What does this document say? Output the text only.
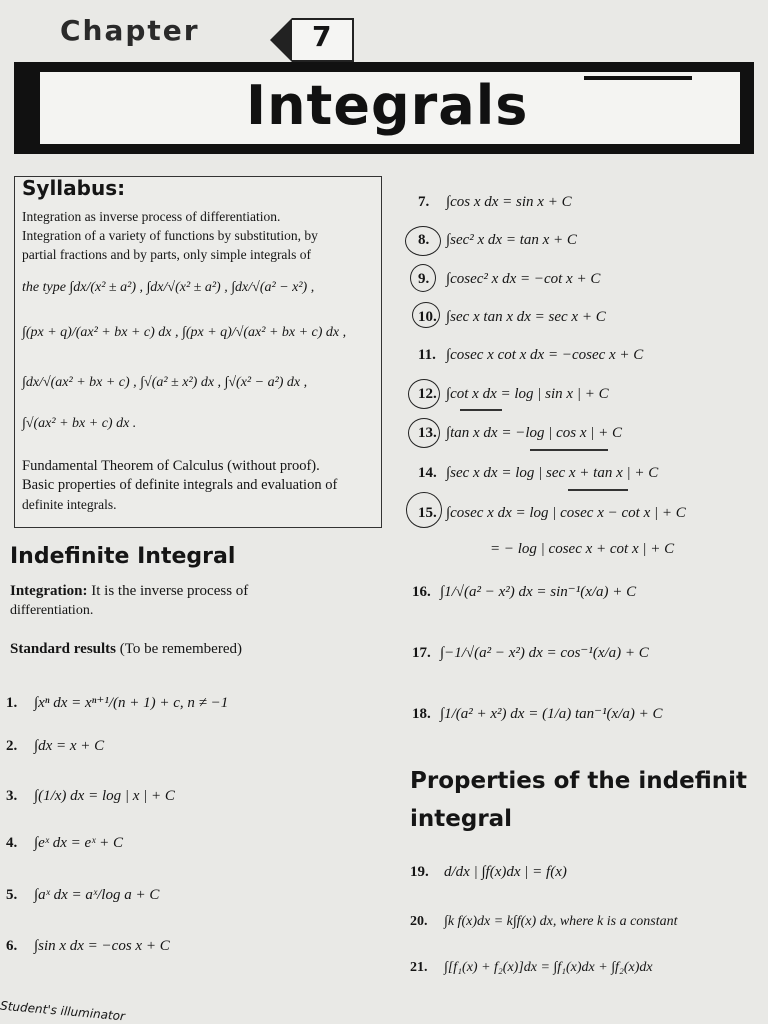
Chapter	7
Integrals
Syllabus:
Integration as inverse process of differentiation.
Integration of a variety of functions by substitution, by
partial fractions and by parts, only simple integrals of
the type ∫dx/(x² ± a²) , ∫dx/√(x² ± a²) , ∫dx/√(a² − x²) ,
∫(px + q)/(ax² + bx + c) dx , ∫(px + q)/√(ax² + bx + c) dx ,
∫dx/√(ax² + bx + c) , ∫√(a² ± x²) dx , ∫√(x² − a²) dx ,
∫√(ax² + bx + c) dx .
Fundamental Theorem of Calculus (without proof).
Basic properties of definite integrals and evaluation of
definite integrals.
Indefinite Integral
Integration: It is the inverse process of
differentiation.
Standard results (To be remembered)
1. ∫xⁿ dx = xⁿ⁺¹/(n + 1) + c, n ≠ −1
2. ∫dx = x + C
3. ∫(1/x) dx = log | x | + C
4. ∫eˣ dx = eˣ + C
5. ∫aˣ dx = aˣ/log a + C
6. ∫sin x dx = −cos x + C
7. ∫cos x dx = sin x + C
8. ∫sec² x dx = tan x + C
9. ∫cosec² x dx = −cot x + C
10. ∫sec x tan x dx = sec x + C
11. ∫cosec x cot x dx = −cosec x + C
12. ∫cot x dx = log | sin x | + C
13. ∫tan x dx = −log | cos x | + C
14. ∫sec x dx = log | sec x + tan x | + C
15. ∫cosec x dx = log | cosec x − cot x | + C
= − log | cosec x + cot x | + C
16. ∫1/√(a² − x²) dx = sin⁻¹(x/a) + C
17. ∫−1/√(a² − x²) dx = cos⁻¹(x/a) + C
18. ∫1/(a² + x²) dx = (1/a) tan⁻¹(x/a) + C
Properties of the indefinit
integral
19. d/dx | ∫f(x)dx | = f(x)
20. ∫k f(x)dx = k∫f(x) dx, where k is a constant
21. ∫[f₁(x) + f₂(x)]dx = ∫f₁(x)dx + ∫f₂(x)dx
Student's illuminator
